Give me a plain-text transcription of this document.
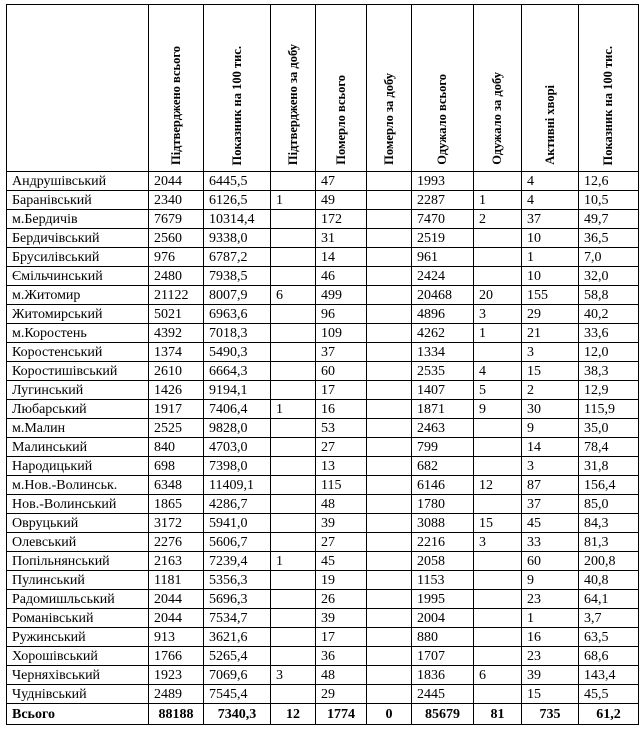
	Підтверджено всього	Показник на 100 тис.	Підтверджено за добу	Померло всього	Померло за добу	Одужало всього	Одужало за добу	Активні хворі	Показник на 100 тис.

Андрушівський	2044	6445,5		47		1993		4	12,6
Баранівський	2340	6126,5	1	49		2287	1	4	10,5
м.Бердичів	7679	10314,4		172		7470	2	37	49,7
Бердичівський	2560	9338,0		31		2519		10	36,5
Брусилівський	976	6787,2		14		961		1	7,0
Ємільчинський	2480	7938,5		46		2424		10	32,0
м.Житомир	21122	8007,9	6	499		20468	20	155	58,8
Житомирський	5021	6963,6		96		4896	3	29	40,2
м.Коростень	4392	7018,3		109		4262	1	21	33,6
Коростенський	1374	5490,3		37		1334		3	12,0
Коростишівський	2610	6664,3		60		2535	4	15	38,3
Лугинський	1426	9194,1		17		1407	5	2	12,9
Любарський	1917	7406,4	1	16		1871	9	30	115,9
м.Малин	2525	9828,0		53		2463		9	35,0
Малинський	840	4703,0		27		799		14	78,4
Народицький	698	7398,0		13		682		3	31,8
м.Нов.-Волинськ.	6348	11409,1		115		6146	12	87	156,4
Нов.-Волинський	1865	4286,7		48		1780		37	85,0
Овруцький	3172	5941,0		39		3088	15	45	84,3
Олевський	2276	5606,7		27		2216	3	33	81,3
Попільнянський	2163	7239,4	1	45		2058		60	200,8
Пулинський	1181	5356,3		19		1153		9	40,8
Радомишльський	2044	5696,3		26		1995		23	64,1
Романівський	2044	7534,7		39		2004		1	3,7
Ружинський	913	3621,6		17		880		16	63,5
Хорошівський	1766	5265,4		36		1707		23	68,6
Черняхівський	1923	7069,6	3	48		1836	6	39	143,4
Чуднівський	2489	7545,4		29		2445		15	45,5
Всього	88188	7340,3	12	1774	0	85679	81	735	61,2
